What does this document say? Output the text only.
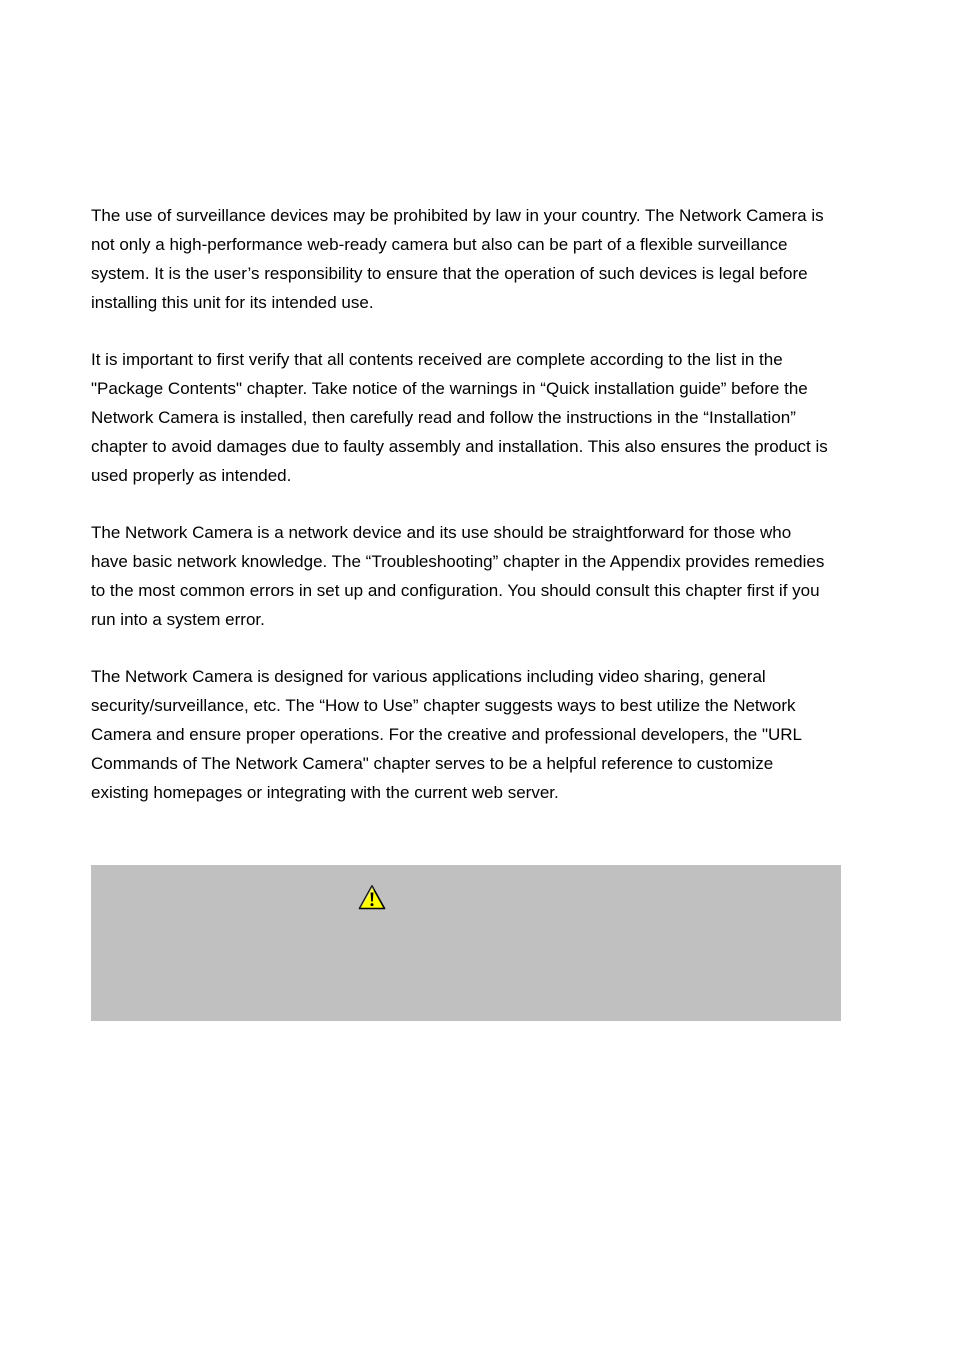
The use of surveillance devices may be prohibited by law in your country. The Network Camera is
not only a high-performance web-ready camera but also can be part of a flexible surveillance
system. It is the user’s responsibility to ensure that the operation of such devices is legal before
installing this unit for its intended use.

It is important to first verify that all contents received are complete according to the list in the
"Package Contents" chapter. Take notice of the warnings in “Quick installation guide” before the
Network Camera is installed, then carefully read and follow the instructions in the “Installation”
chapter to avoid damages due to faulty assembly and installation. This also ensures the product is
used properly as intended.

The Network Camera is a network device and its use should be straightforward for those who
have basic network knowledge. The “Troubleshooting” chapter in the Appendix provides remedies
to the most common errors in set up and configuration. You should consult this chapter first if you
run into a system error.

The Network Camera is designed for various applications including video sharing, general
security/surveillance, etc. The “How to Use” chapter suggests ways to best utilize the Network
Camera and ensure proper operations. For the creative and professional developers, the "URL
Commands of The Network Camera" chapter serves to be a helpful reference to customize
existing homepages or integrating with the current web server.
